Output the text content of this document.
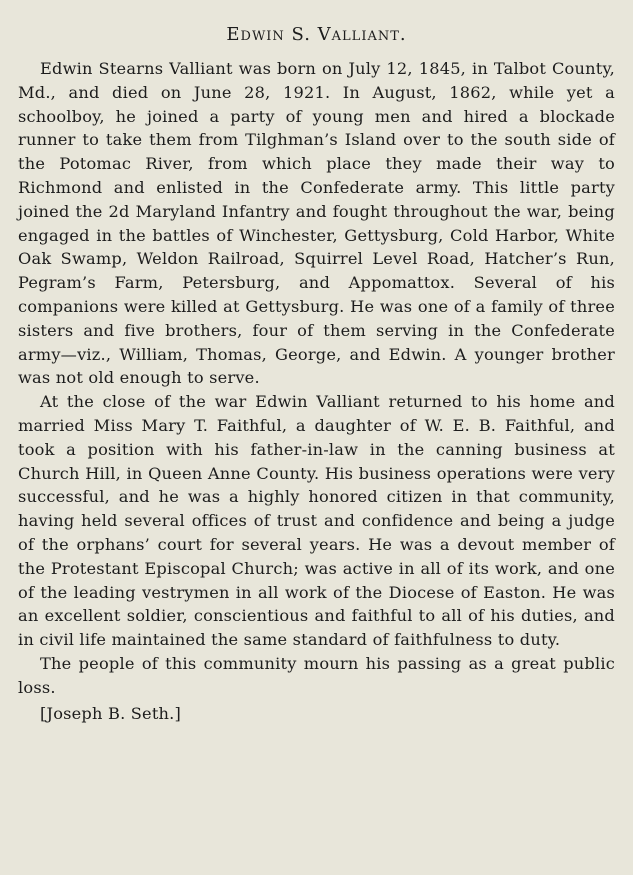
Edwin S. Valliant.

Edwin Stearns Valliant was born on July 12, 1845, in Talbot County, Md., and died on June 28, 1921. In August, 1862, while yet a schoolboy, he joined a party of young men and hired a blockade runner to take them from Tilghman’s Island over to the south side of the Potomac River, from which place they made their way to Richmond and enlisted in the Confederate army. This little party joined the 2d Maryland Infantry and fought throughout the war, being engaged in the battles of Winchester, Gettysburg, Cold Harbor, White Oak Swamp, Weldon Railroad, Squirrel Level Road, Hatcher’s Run, Pegram’s Farm, Petersburg, and Appomattox. Several of his companions were killed at Gettysburg. He was one of a family of three sisters and five brothers, four of them serving in the Confederate army—viz., William, Thomas, George, and Edwin. A younger brother was not old enough to serve.

At the close of the war Edwin Valliant returned to his home and married Miss Mary T. Faithful, a daughter of W. E. B. Faithful, and took a position with his father-in-law in the canning business at Church Hill, in Queen Anne County. His business operations were very successful, and he was a highly honored citizen in that community, having held several offices of trust and confidence and being a judge of the orphans’ court for several years. He was a devout member of the Protestant Episcopal Church; was active in all of its work, and one of the leading vestrymen in all work of the Diocese of Easton. He was an excellent soldier, conscientious and faithful to all of his duties, and in civil life maintained the same standard of faithfulness to duty.

The people of this community mourn his passing as a great public loss.

[Joseph B. Seth.]
